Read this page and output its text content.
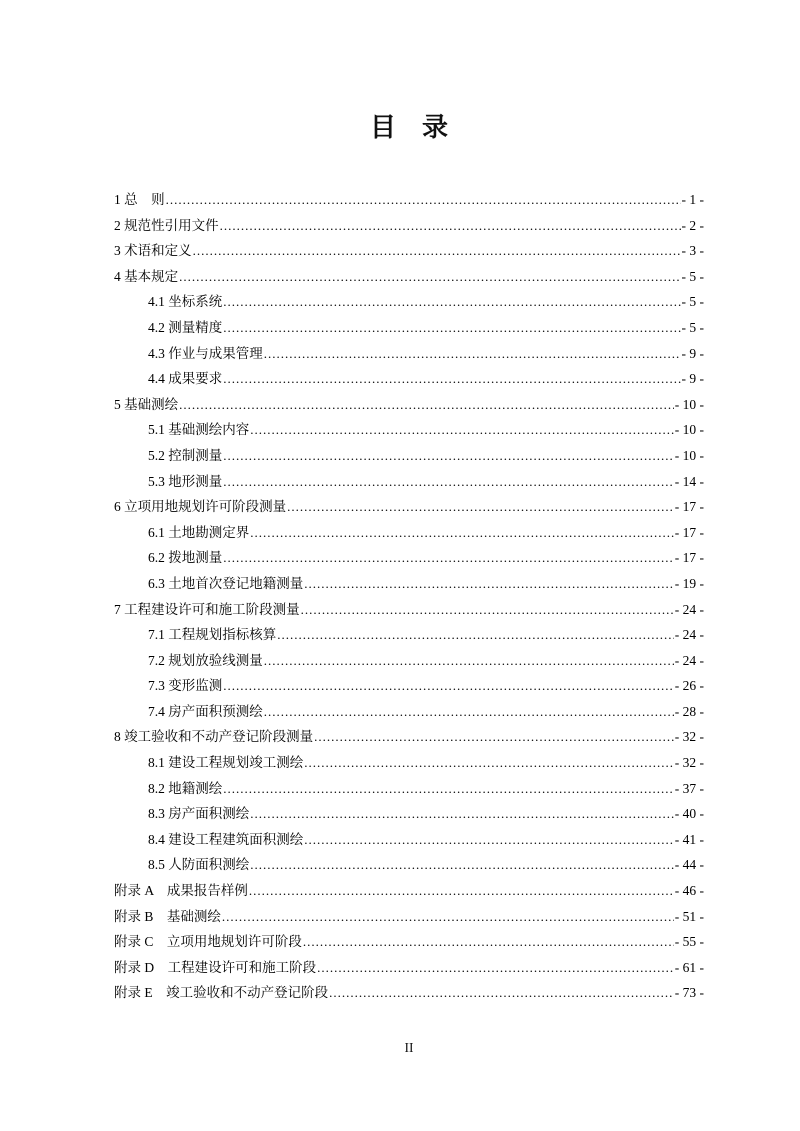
目　录
1 总　则 .....	- 1 -
2 规范性引用文件 .....	- 2 -
3 术语和定义 .....	- 3 -
4 基本规定 .....	- 5 -
4.1 坐标系统 .....	- 5 -
4.2 测量精度 .....	- 5 -
4.3 作业与成果管理 .....	- 9 -
4.4 成果要求 .....	- 9 -
5 基础测绘 .....	- 10 -
5.1 基础测绘内容 .....	- 10 -
5.2 控制测量 .....	- 10 -
5.3 地形测量 .....	- 14 -
6 立项用地规划许可阶段测量 .....	- 17 -
6.1 土地勘测定界 .....	- 17 -
6.2 拨地测量 .....	- 17 -
6.3 土地首次登记地籍测量 .....	- 19 -
7 工程建设许可和施工阶段测量 .....	- 24 -
7.1 工程规划指标核算 .....	- 24 -
7.2 规划放验线测量 .....	- 24 -
7.3 变形监测 .....	- 26 -
7.4 房产面积预测绘 .....	- 28 -
8 竣工验收和不动产登记阶段测量 .....	- 32 -
8.1 建设工程规划竣工测绘 .....	- 32 -
8.2 地籍测绘 .....	- 37 -
8.3 房产面积测绘 .....	- 40 -
8.4 建设工程建筑面积测绘 .....	- 41 -
8.5 人防面积测绘 .....	- 44 -
附录 A　成果报告样例 .....	- 46 -
附录 B　基础测绘 .....	- 51 -
附录 C　立项用地规划许可阶段 .....	- 55 -
附录 D　工程建设许可和施工阶段 .....	- 61 -
附录 E　竣工验收和不动产登记阶段 .....	- 73 -
II
